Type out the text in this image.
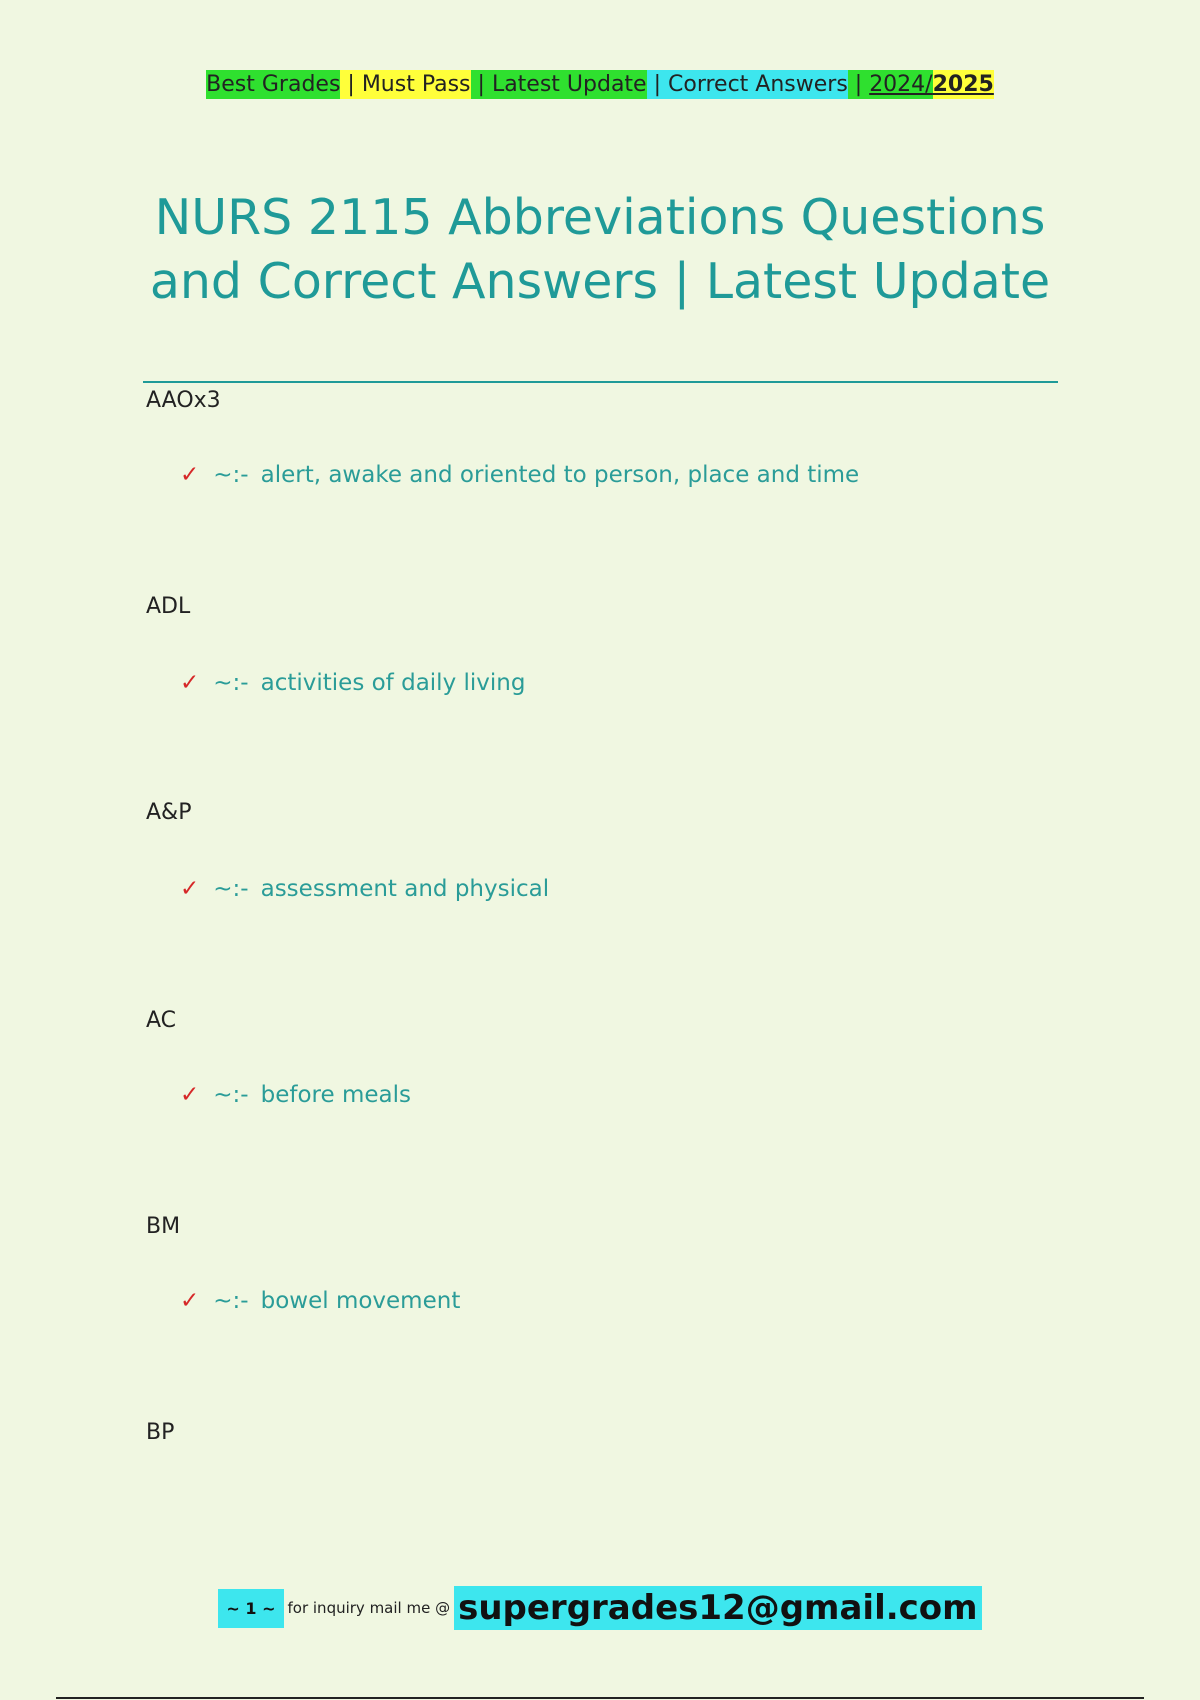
Best Grades | Must Pass | Latest Update | Correct Answers | 2024/2025
NURS 2115 Abbreviations Questions and Correct Answers | Latest Update
AAOx3
✓ ~:- alert, awake and oriented to person, place and time
ADL
✓ ~:- activities of daily living
A&P
✓ ~:- assessment and physical
AC
✓ ~:- before meals
BM
✓ ~:- bowel movement
BP
~ 1 ~ for inquiry mail me @ supergrades12@gmail.com
